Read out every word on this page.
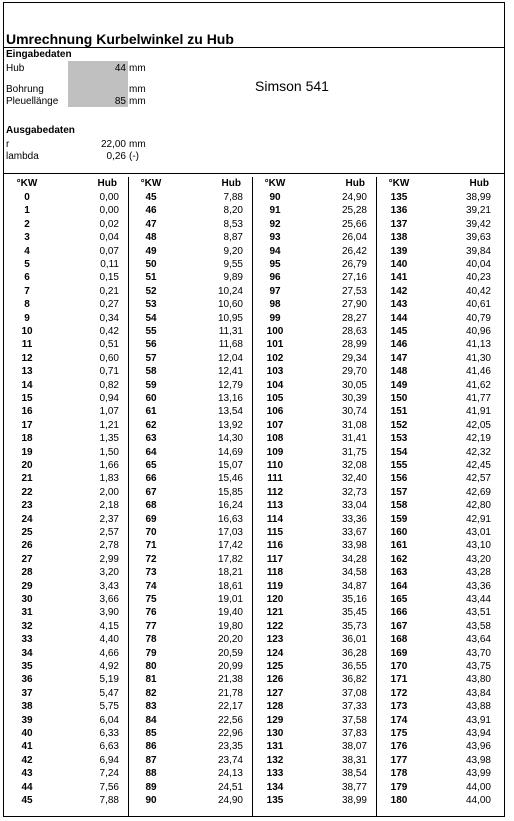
Umrechnung Kurbelwinkel zu Hub
Eingabedaten
Hub	44 mm
Bohrung	mm
Pleuellänge	85 mm
Simson 541
Ausgabedaten
r	22,00 mm
lambda	0,26 (-)
°KW	Hub
0	0,00
1	0,00
2	0,02
3	0,04
4	0,07
5	0,11
6	0,15
7	0,21
8	0,27
9	0,34
10	0,42
11	0,51
12	0,60
13	0,71
14	0,82
15	0,94
16	1,07
17	1,21
18	1,35
19	1,50
20	1,66
21	1,83
22	2,00
23	2,18
24	2,37
25	2,57
26	2,78
27	2,99
28	3,20
29	3,43
30	3,66
31	3,90
32	4,15
33	4,40
34	4,66
35	4,92
36	5,19
37	5,47
38	5,75
39	6,04
40	6,33
41	6,63
42	6,94
43	7,24
44	7,56
45	7,88
°KW	Hub
45	7,88
46	8,20
47	8,53
48	8,87
49	9,20
50	9,55
51	9,89
52	10,24
53	10,60
54	10,95
55	11,31
56	11,68
57	12,04
58	12,41
59	12,79
60	13,16
61	13,54
62	13,92
63	14,30
64	14,69
65	15,07
66	15,46
67	15,85
68	16,24
69	16,63
70	17,03
71	17,42
72	17,82
73	18,21
74	18,61
75	19,01
76	19,40
77	19,80
78	20,20
79	20,59
80	20,99
81	21,38
82	21,78
83	22,17
84	22,56
85	22,96
86	23,35
87	23,74
88	24,13
89	24,51
90	24,90
°KW	Hub
90	24,90
91	25,28
92	25,66
93	26,04
94	26,42
95	26,79
96	27,16
97	27,53
98	27,90
99	28,27
100	28,63
101	28,99
102	29,34
103	29,70
104	30,05
105	30,39
106	30,74
107	31,08
108	31,41
109	31,75
110	32,08
111	32,40
112	32,73
113	33,04
114	33,36
115	33,67
116	33,98
117	34,28
118	34,58
119	34,87
120	35,16
121	35,45
122	35,73
123	36,01
124	36,28
125	36,55
126	36,82
127	37,08
128	37,33
129	37,58
130	37,83
131	38,07
132	38,31
133	38,54
134	38,77
135	38,99
°KW	Hub
135	38,99
136	39,21
137	39,42
138	39,63
139	39,84
140	40,04
141	40,23
142	40,42
143	40,61
144	40,79
145	40,96
146	41,13
147	41,30
148	41,46
149	41,62
150	41,77
151	41,91
152	42,05
153	42,19
154	42,32
155	42,45
156	42,57
157	42,69
158	42,80
159	42,91
160	43,01
161	43,10
162	43,20
163	43,28
164	43,36
165	43,44
166	43,51
167	43,58
168	43,64
169	43,70
170	43,75
171	43,80
172	43,84
173	43,88
174	43,91
175	43,94
176	43,96
177	43,98
178	43,99
179	44,00
180	44,00
